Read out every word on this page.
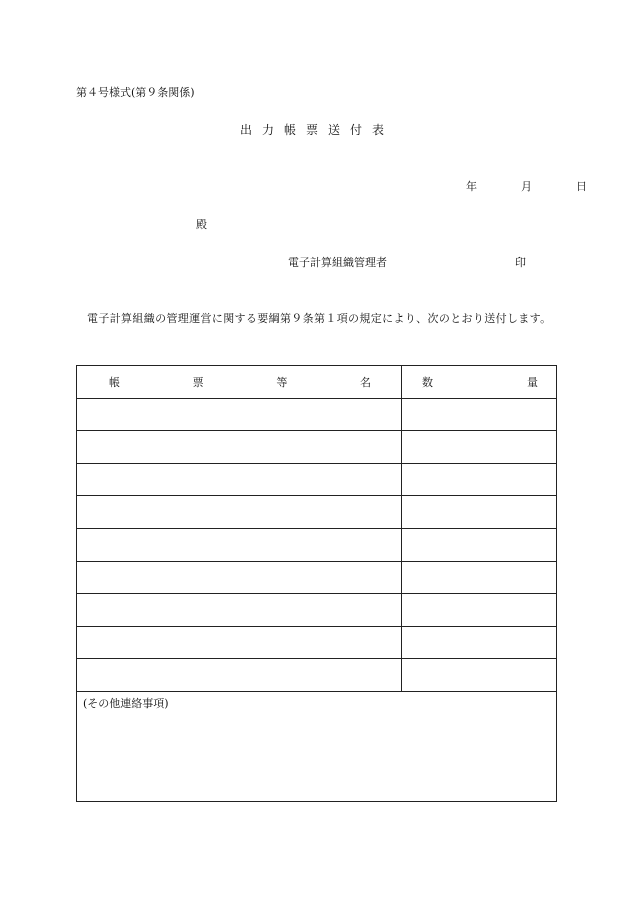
第４号様式(第９条関係)
出力帳票送付表
年	月	日
殿
電子計算組織管理者	印
電子計算組織の管理運営に関する要綱第９条第１項の規定により、次のとおり送付します。
帳 票 等 名	数 量

(その他連絡事項)
